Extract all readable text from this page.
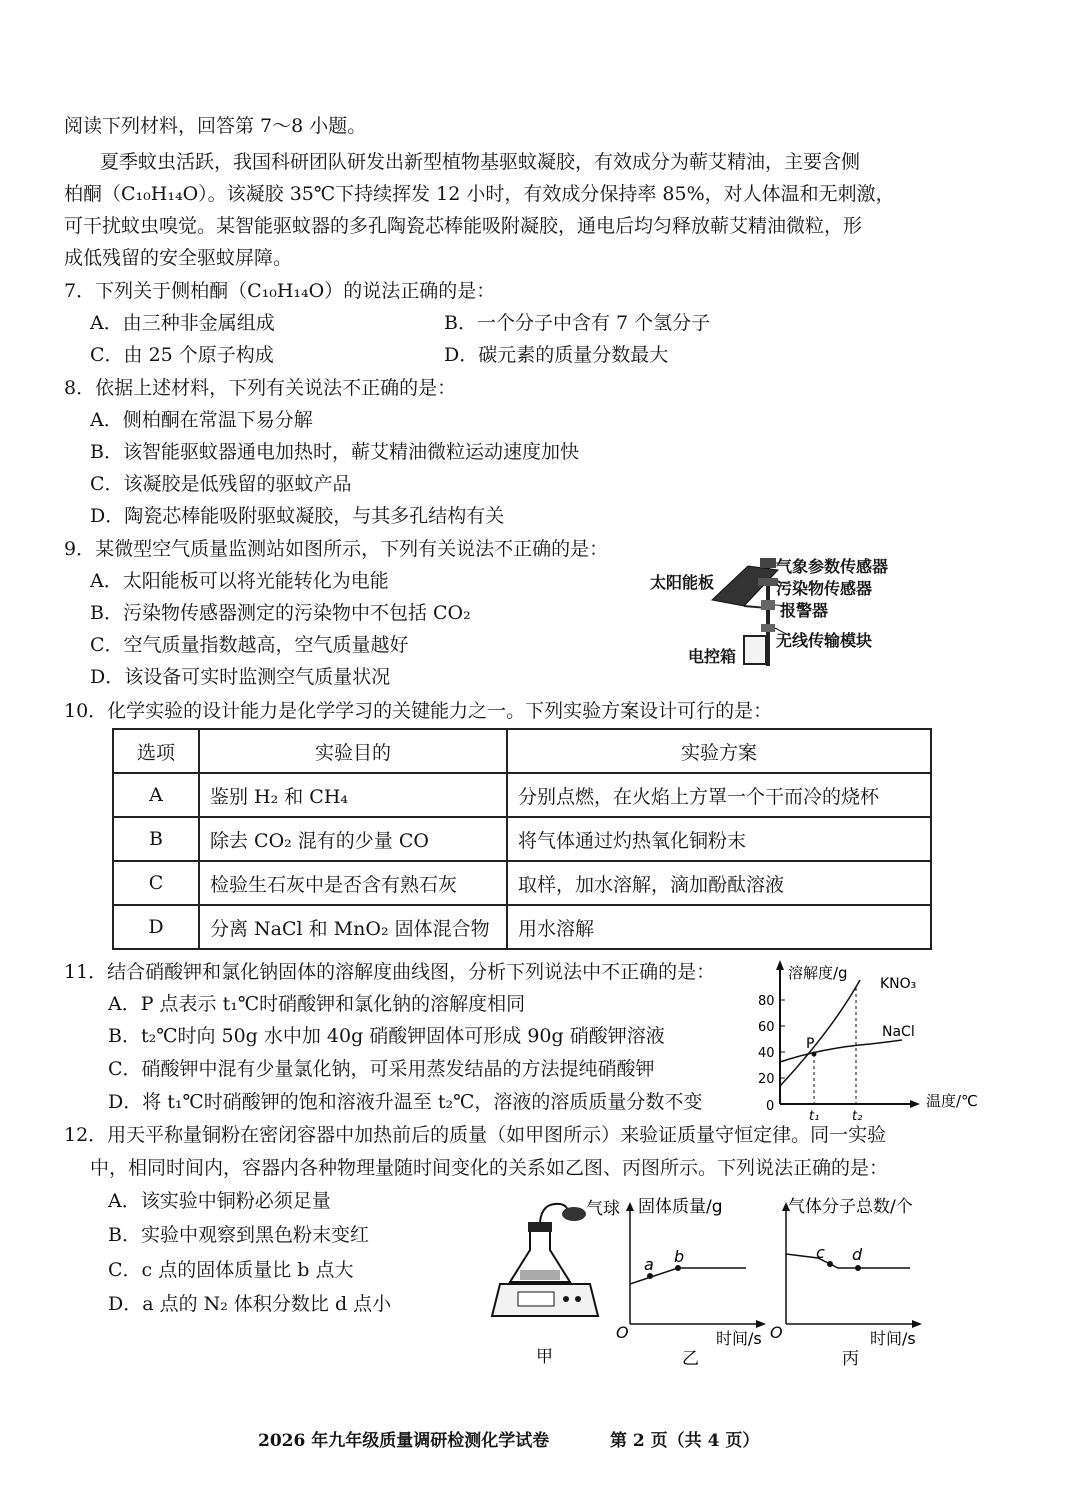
阅读下列材料，回答第 7～8 小题。
夏季蚊虫活跃，我国科研团队研发出新型植物基驱蚊凝胶，有效成分为蕲艾精油，主要含侧
柏酮（C₁₀H₁₄O）。该凝胶 35℃下持续挥发 12 小时，有效成分保持率 85%，对人体温和无刺激，
可干扰蚊虫嗅觉。某智能驱蚊器的多孔陶瓷芯棒能吸附凝胶，通电后均匀释放蕲艾精油微粒，形
成低残留的安全驱蚊屏障。
7．下列关于侧柏酮（C₁₀H₁₄O）的说法正确的是：
A．由三种非金属组成	B．一个分子中含有 7 个氢分子
C．由 25 个原子构成	D．碳元素的质量分数最大
8．依据上述材料，下列有关说法不正确的是：
A．侧柏酮在常温下易分解
B．该智能驱蚊器通电加热时，蕲艾精油微粒运动速度加快
C．该凝胶是低残留的驱蚊产品
D．陶瓷芯棒能吸附驱蚊凝胶，与其多孔结构有关
9．某微型空气质量监测站如图所示，下列有关说法不正确的是：
A．太阳能板可以将光能转化为电能
B．污染物传感器测定的污染物中不包括 CO₂
C．空气质量指数越高，空气质量越好
D．该设备可实时监测空气质量状况
太阳能板
气象参数传感器
污染物传感器
报警器
无线传输模块
电控箱
10．化学实验的设计能力是化学学习的关键能力之一。下列实验方案设计可行的是：
选项	实验目的	实验方案
A	鉴别 H₂ 和 CH₄	分别点燃，在火焰上方罩一个干而冷的烧杯
B	除去 CO₂ 混有的少量 CO	将气体通过灼热氧化铜粉末
C	检验生石灰中是否含有熟石灰	取样，加水溶解，滴加酚酞溶液
D	分离 NaCl 和 MnO₂ 固体混合物	用水溶解
11．结合硝酸钾和氯化钠固体的溶解度曲线图，分析下列说法中不正确的是：
A．P 点表示 t₁℃时硝酸钾和氯化钠的溶解度相同
B．t₂℃时向 50g 水中加 40g 硝酸钾固体可形成 90g 硝酸钾溶液
C．硝酸钾中混有少量氯化钠，可采用蒸发结晶的方法提纯硝酸钾
D．将 t₁℃时硝酸钾的饱和溶液升温至 t₂℃，溶液的溶质质量分数不变
溶解度/g
温度/℃
80
60
40
20
0
t₁	t₂
KNO₃
NaCl
P
12．用天平称量铜粉在密闭容器中加热前后的质量（如甲图所示）来验证质量守恒定律。同一实验
中，相同时间内，容器内各种物理量随时间变化的关系如乙图、丙图所示。下列说法正确的是：
A．该实验中铜粉必须足量
B．实验中观察到黑色粉末变红
C．c 点的固体质量比 b 点大
D．a 点的 N₂ 体积分数比 d 点小
气球
甲
固体质量/g
时间/s
O
a b
乙
气体分子总数/个
时间/s
O
c d
丙
2026 年九年级质量调研检测化学试卷	第 2 页（共 4 页）
